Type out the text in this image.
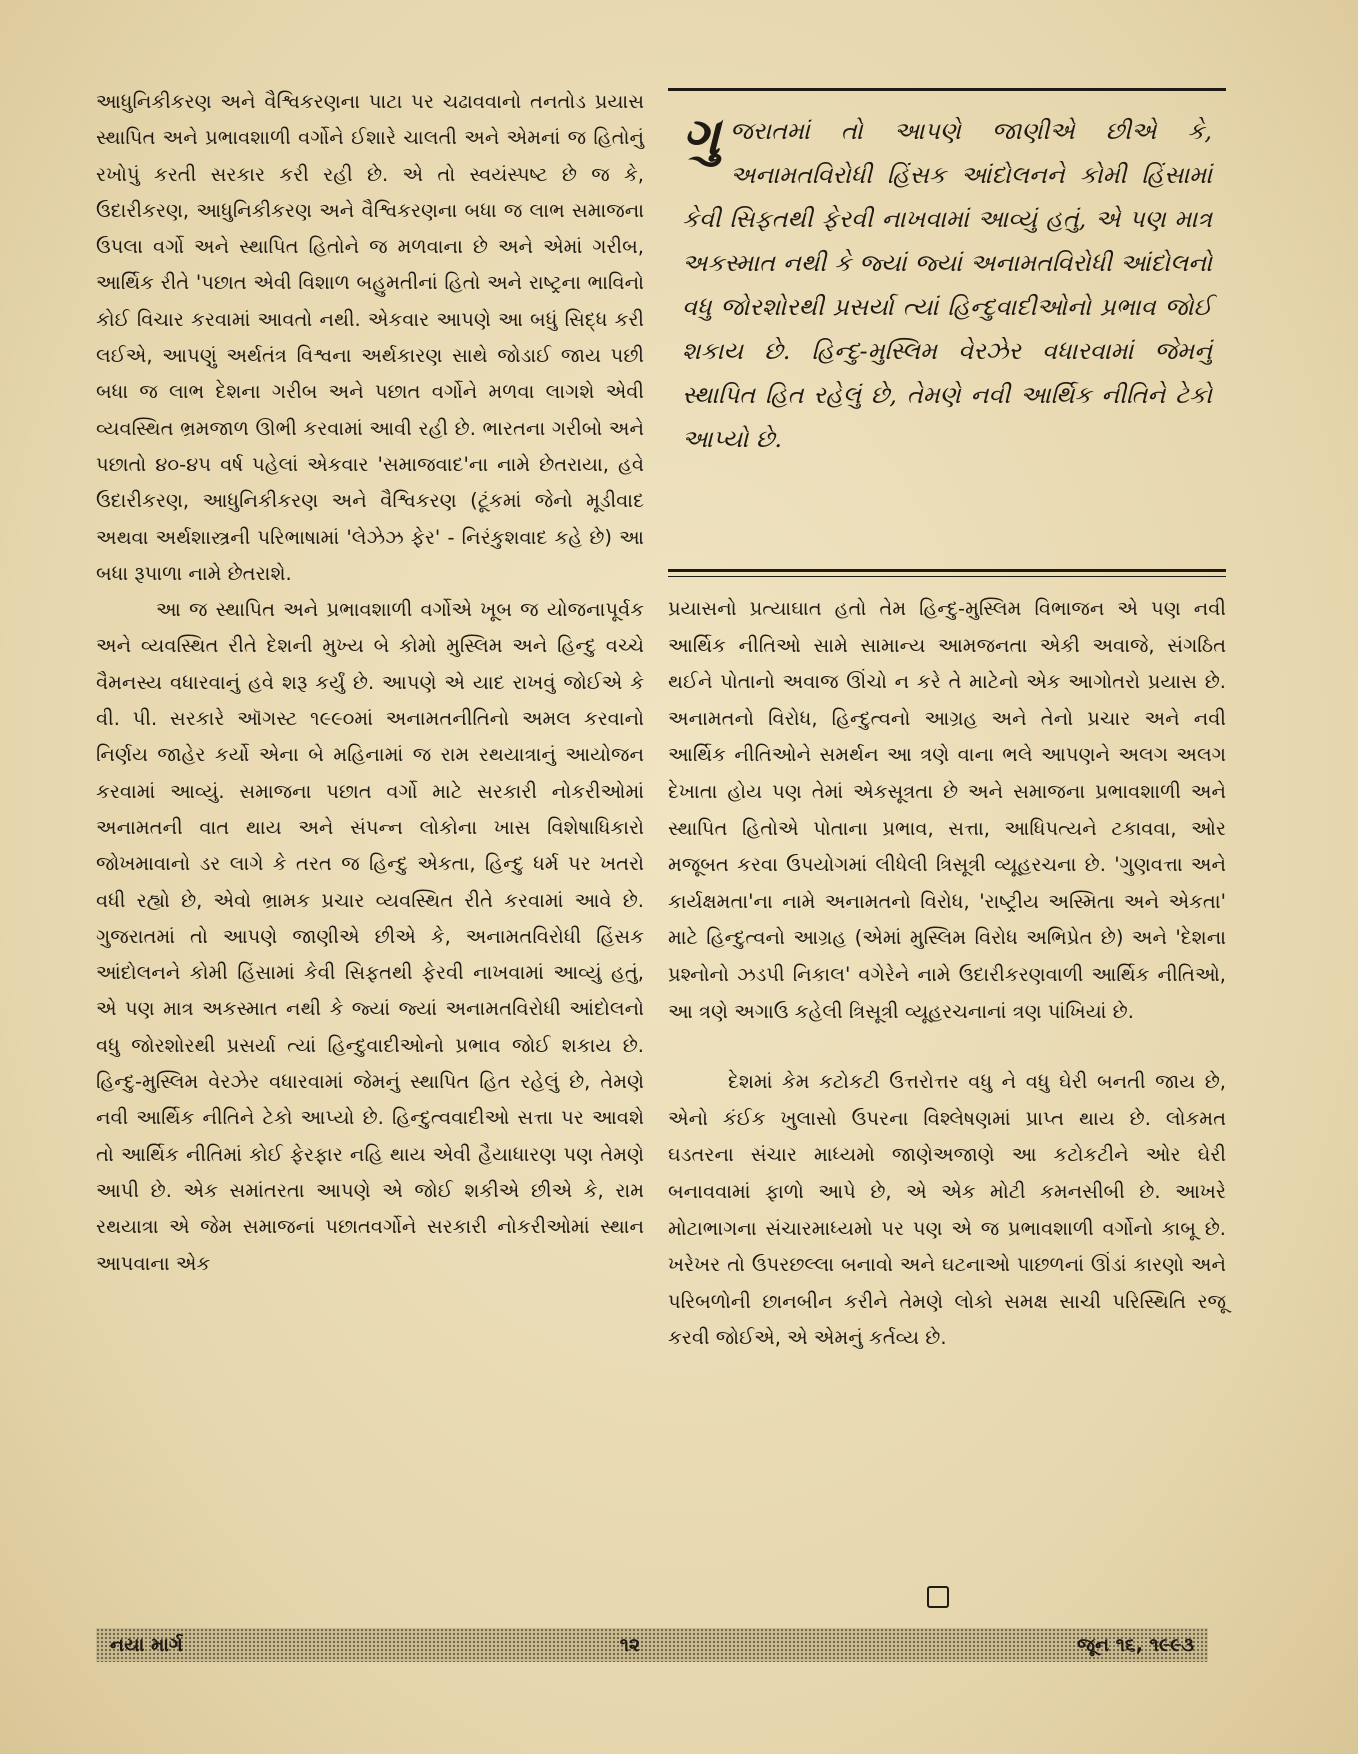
આધુનિકીકરણ અને વૈશ્વિકરણના પાટા પર ચઢાવવાનો તનતોડ પ્રયાસ સ્થાપિત અને પ્રભાવશાળી વર્ગોને ઈશારે ચાલતી અને એમનાં જ હિતોનું રખોપું કરતી સરકાર કરી રહી છે. એ તો સ્વયંસ્પષ્ટ છે જ કે, ઉદારીકરણ, આધુનિકીકરણ અને વૈશ્વિકરણના બધા જ લાભ સમાજના ઉપલા વર્ગો અને સ્થાપિત હિતોને જ મળવાના છે અને એમાં ગરીબ, આર્થિક રીતે 'પછાત એવી વિશાળ બહુમતીનાં હિતો અને રાષ્ટ્રના ભાવિનો કોઈ વિચાર કરવામાં આવતો નથી. એકવાર આપણે આ બધું સિદ્ધ કરી લઈએ, આપણું અર્થતંત્ર વિશ્વના અર્થકારણ સાથે જોડાઈ જાય પછી બધા જ લાભ દેશના ગરીબ અને પછાત વર્ગોને મળવા લાગશે એવી વ્યવસ્થિત ભ્રમજાળ ઊભી કરવામાં આવી રહી છે. ભારતના ગરીબો અને પછાતો ૪૦-૪૫ વર્ષ પહેલાં એકવાર 'સમાજવાદ'ના નામે છેતરાયા, હવે ઉદારીકરણ, આધુનિકીકરણ અને વૈશ્વિકરણ (ટૂંકમાં જેનો મૂડીવાદ અથવા અર્થશાસ્ત્રની પરિભાષામાં 'લેઝેઝ ફેર' - નિરંકુશવાદ કહે છે) આ બધા રૂપાળા નામે છેતરાશે.

આ જ સ્થાપિત અને પ્રભાવશાળી વર્ગોએ ખૂબ જ યોજનાપૂર્વક અને વ્યવસ્થિત રીતે દેશની મુખ્ય બે કોમો મુસ્લિમ અને હિન્દુ વચ્ચે વૈમનસ્ય વધારવાનું હવે શરૂ કર્યું છે. આપણે એ યાદ રાખવું જોઈએ કે વી. પી. સરકારે ઑગસ્ટ ૧૯૯૦માં અનામતનીતિનો અમલ કરવાનો નિર્ણય જાહેર કર્યો એના બે મહિનામાં જ રામ રથયાત્રાનું આયોજન કરવામાં આવ્યું. સમાજના પછાત વર્ગો માટે સરકારી નોકરીઓમાં અનામતની વાત થાય અને સંપન્ન લોકોના ખાસ વિશેષાધિકારો જોખમાવાનો ડર લાગે કે તરત જ હિન્દુ એકતા, હિન્દુ ધર્મ પર ખતરો વધી રહ્યો છે, એવો ભ્રામક પ્રચાર વ્યવસ્થિત રીતે કરવામાં આવે છે. ગુજરાતમાં તો આપણે જાણીએ છીએ કે, અનામતવિરોધી હિંસક આંદોલનને કોમી હિંસામાં કેવી સિફતથી ફેરવી નાખવામાં આવ્યું હતું, એ પણ માત્ર અકસ્માત નથી કે જ્યાં જ્યાં અનામતવિરોધી આંદોલનો વધુ જોરશોરથી પ્રસર્યા ત્યાં હિન્દુવાદીઓનો પ્રભાવ જોઈ શકાય છે. હિન્દુ-મુસ્લિમ વેરઝેર વધારવામાં જેમનું સ્થાપિત હિત રહેલું છે, તેમણે નવી આર્થિક નીતિને ટેકો આપ્યો છે. હિન્દુત્વવાદીઓ સત્તા પર આવશે તો આર્થિક નીતિમાં કોઈ ફેરફાર નહિ થાય એવી હૈયાધારણ પણ તેમણે આપી છે. એક સમાંતરતા આપણે એ જોઈ શકીએ છીએ કે, રામ રથયાત્રા એ જેમ સમાજનાં પછાતવર્ગોને સરકારી નોકરીઓમાં સ્થાન આપવાના એક

ગુજરાતમાં તો આપણે જાણીએ છીએ કે, અનામતવિરોધી હિંસક આંદોલનને કોમી હિંસામાં કેવી સિફતથી ફેરવી નાખવામાં આવ્યું હતું, એ પણ માત્ર અકસ્માત નથી કે જ્યાં જ્યાં અનામતવિરોધી આંદોલનો વધુ જોરશોરથી પ્રસર્યા ત્યાં હિન્દુવાદીઓનો પ્રભાવ જોઈ શકાય છે. હિન્દુ-મુસ્લિમ વેરઝેર વધારવામાં જેમનું સ્થાપિત હિત રહેલું છે, તેમણે નવી આર્થિક નીતિને ટેકો આપ્યો છે.

પ્રયાસનો પ્રત્યાઘાત હતો તેમ હિન્દુ-મુસ્લિમ વિભાજન એ પણ નવી આર્થિક નીતિઓ સામે સામાન્ય આમજનતા એકી અવાજે, સંગઠિત થઈને પોતાનો અવાજ ઊંચો ન કરે તે માટેનો એક આગોતરો પ્રયાસ છે. અનામતનો વિરોધ, હિન્દુત્વનો આગ્રહ અને તેનો પ્રચાર અને નવી આર્થિક નીતિઓને સમર્થન આ ત્રણે વાના ભલે આપણને અલગ અલગ દેખાતા હોય પણ તેમાં એકસૂત્રતા છે અને સમાજના પ્રભાવશાળી અને સ્થાપિત હિતોએ પોતાના પ્રભાવ, સત્તા, આધિપત્યને ટકાવવા, ઓર મજૂબત કરવા ઉપયોગમાં લીધેલી ત્રિસૂત્રી વ્યૂહરચના છે. 'ગુણવત્તા અને કાર્યક્ષમતા'ના નામે અનામતનો વિરોધ, 'રાષ્ટ્રીય અસ્મિતા અને એકતા' માટે હિન્દુત્વનો આગ્રહ (એમાં મુસ્લિમ વિરોધ અભિપ્રેત છે) અને 'દેશના પ્રશ્નોનો ઝડપી નિકાલ' વગેરેને નામે ઉદારીકરણવાળી આર્થિક નીતિઓ, આ ત્રણે અગાઉ કહેલી ત્રિસૂત્રી વ્યૂહરચનાનાં ત્રણ પાંખિયાં છે.

દેશમાં કેમ કટોકટી ઉત્તરોત્તર વધુ ને વધુ ઘેરી બનતી જાય છે, એનો કંઈક ખુલાસો ઉપરના વિશ્લેષણમાં પ્રાપ્ત થાય છે. લોકમત ઘડતરના સંચાર માધ્યમો જાણેઅજાણે આ કટોકટીને ઓર ઘેરી બનાવવામાં ફાળો આપે છે, એ એક મોટી કમનસીબી છે. આખરે મોટાભાગના સંચારમાધ્યમો પર પણ એ જ પ્રભાવશાળી વર્ગોનો કાબૂ છે. ખરેખર તો ઉપરછલ્લા બનાવો અને ઘટનાઓ પાછળનાં ઊંડાં કારણો અને પરિબળોની છાનબીન કરીને તેમણે લોકો સમક્ષ સાચી પરિસ્થિતિ રજૂ કરવી જોઈએ, એ એમનું કર્તવ્ય છે.

નયા માર્ગ	૧૨	જૂન ૧૬, ૧૯૯૩
